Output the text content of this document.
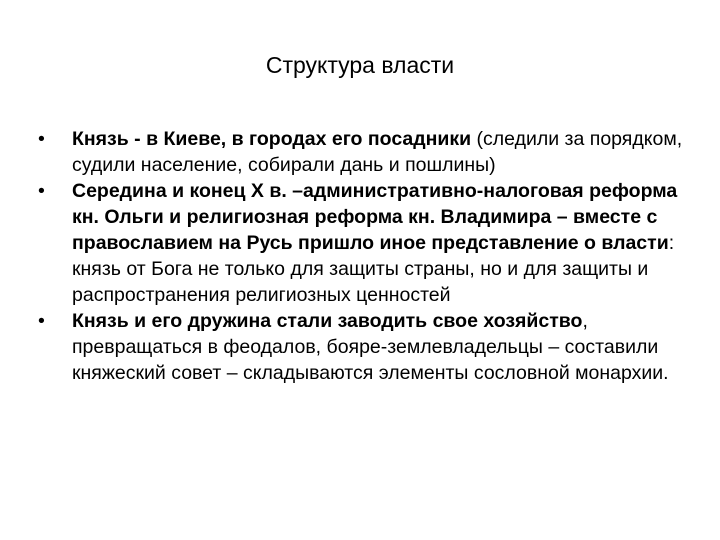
Структура власти

•	Князь - в Киеве, в городах его посадники (следили за порядком, судили население, собирали дань и пошлины)

•	Середина и конец X в. –административно-налоговая реформа кн. Ольги и религиозная реформа кн. Владимира – вместе с православием на Русь пришло иное представление о власти: князь от Бога не только для защиты страны, но и для защиты и распространения религиозных ценностей

•	Князь и его дружина стали заводить свое хозяйство, превращаться в феодалов, бояре-землевладельцы – составили княжеский совет – складываются элементы сословной монархии.
